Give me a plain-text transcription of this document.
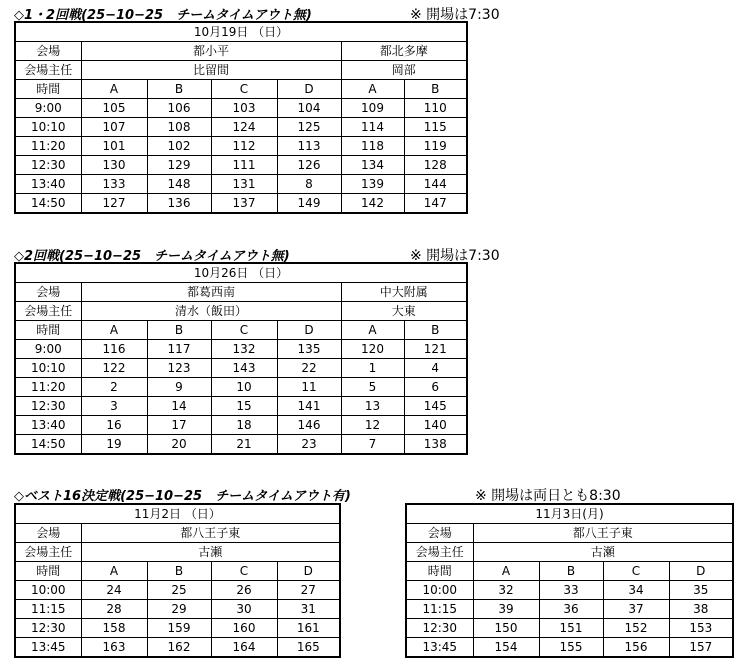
◇1・2回戦(25−10−25　チームタイムアウト無)	※ 開場は7:30
10月19日 （日）						
会場	都小平				都北多摩	
会場主任	比留間				岡部	
時間	A	B	C	D	A	B
9:00	105	106	103	104	109	110
10:10	107	108	124	125	114	115
11:20	101	102	112	113	118	119
12:30	130	129	111	126	134	128
13:40	133	148	131	8	139	144
14:50	127	136	137	149	142	147
◇2回戦(25−10−25　チームタイムアウト無)	※ 開場は7:30
10月26日 （日）						
会場	都葛西南				中大附属	
会場主任	清水（飯田）				大東	
時間	A	B	C	D	A	B
9:00	116	117	132	135	120	121
10:10	122	123	143	22	1	4
11:20	2	9	10	11	5	6
12:30	3	14	15	141	13	145
13:40	16	17	18	146	12	140
14:50	19	20	21	23	7	138
◇ベスト16決定戦(25−10−25　チームタイムアウト有)	※ 開場は両日とも8:30
11月2日 （日）				
会場	都八王子東			
会場主任	古瀬			
時間	A	B	C	D
10:00	24	25	26	27
11:15	28	29	30	31
12:30	158	159	160	161
13:45	163	162	164	165
11月3日(月)				
会場	都八王子東			
会場主任	古瀬			
時間	A	B	C	D
10:00	32	33	34	35
11:15	39	36	37	38
12:30	150	151	152	153
13:45	154	155	156	157
